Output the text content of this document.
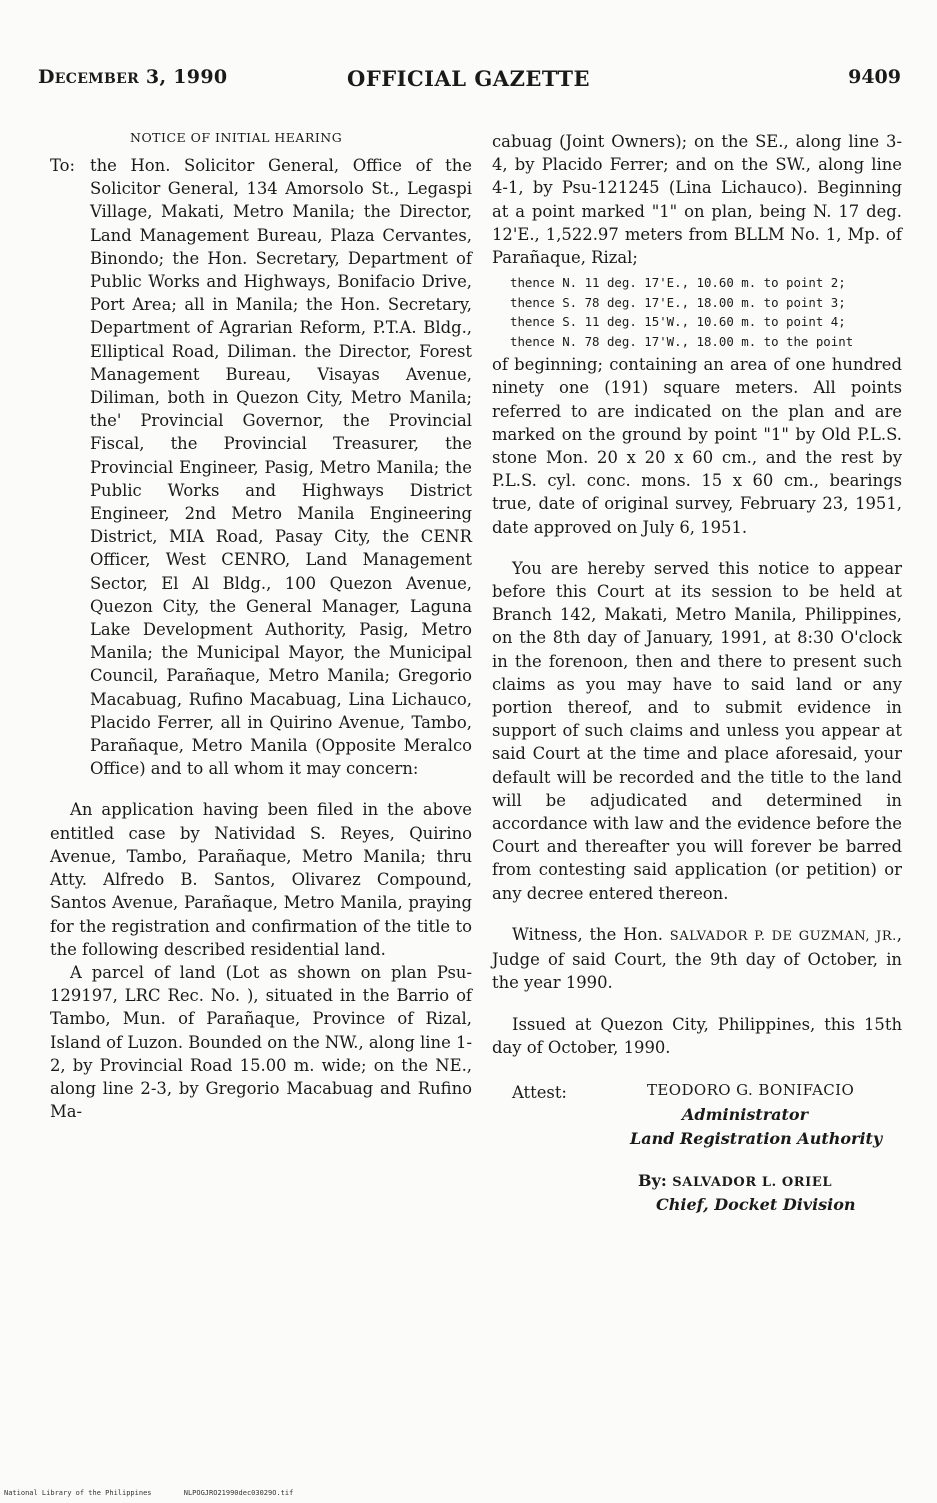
DECEMBER 3, 1990	OFFICIAL GAZETTE	9409
NOTICE OF INITIAL HEARING

To: the Hon. Solicitor General, Office of the Solicitor General, 134 Amorsolo St., Legaspi Village, Makati, Metro Manila; the Director, Land Management Bureau, Plaza Cervantes, Binondo; the Hon. Secretary, Department of Public Works and Highways, Bonifacio Drive, Port Area; all in Manila; the Hon. Secretary, Department of Agrarian Reform, P.T.A. Bldg., Elliptical Road, Diliman. the Director, Forest Management Bureau, Visayas Avenue, Diliman, both in Quezon City, Metro Manila; the' Provincial Governor, the Provincial Fiscal, the Provincial Treasurer, the Provincial Engineer, Pasig, Metro Manila; the Public Works and Highways District Engineer, 2nd Metro Manila Engineering District, MIA Road, Pasay City, the CENR Officer, West CENRO, Land Management Sector, El Al Bldg., 100 Quezon Avenue, Quezon City, the General Manager, Laguna Lake Development Authority, Pasig, Metro Manila; the Municipal Mayor, the Municipal Council, Parañaque, Metro Manila; Gregorio Macabuag, Rufino Macabuag, Lina Lichauco, Placido Ferrer, all in Quirino Avenue, Tambo, Parañaque, Metro Manila (Opposite Meralco Office) and to all whom it may concern:

An application having been filed in the above entitled case by Natividad S. Reyes, Quirino Avenue, Tambo, Parañaque, Metro Manila; thru Atty. Alfredo B. Santos, Olivarez Compound, Santos Avenue, Parañaque, Metro Manila, praying for the registration and confirmation of the title to the following described residential land.

A parcel of land (Lot as shown on plan Psu-129197, LRC Rec. No. ), situated in the Barrio of Tambo, Mun. of Parañaque, Province of Rizal, Island of Luzon. Bounded on the NW., along line 1-2, by Provincial Road 15.00 m. wide; on the NE., along line 2-3, by Gregorio Macabuag and Rufino Ma-

cabuag (Joint Owners); on the SE., along line 3-4, by Placido Ferrer; and on the SW., along line 4-1, by Psu-121245 (Lina Lichauco). Beginning at a point marked "1" on plan, being N. 17 deg. 12'E., 1,522.97 meters from BLLM No. 1, Mp. of Parañaque, Rizal;

thence N. 11 deg. 17'E., 10.60 m. to point 2;
thence S. 78 deg. 17'E., 18.00 m. to point 3;
thence S. 11 deg. 15'W., 10.60 m. to point 4;
thence N. 78 deg. 17'W., 18.00 m. to the point

of beginning; containing an area of one hundred ninety one (191) square meters. All points referred to are indicated on the plan and are marked on the ground by point "1" by Old P.L.S. stone Mon. 20 x 20 x 60 cm., and the rest by P.L.S. cyl. conc. mons. 15 x 60 cm., bearings true, date of original survey, February 23, 1951, date approved on July 6, 1951.

You are hereby served this notice to appear before this Court at its session to be held at Branch 142, Makati, Metro Manila, Philippines, on the 8th day of January, 1991, at 8:30 O'clock in the forenoon, then and there to present such claims as you may have to said land or any portion thereof, and to submit evidence in support of such claims and unless you appear at said Court at the time and place aforesaid, your default will be recorded and the title to the land will be adjudicated and determined in accordance with law and the evidence before the Court and thereafter you will forever be barred from contesting said application (or petition) or any decree entered thereon.

Witness, the Hon. SALVADOR P. DE GUZMAN, JR., Judge of said Court, the 9th day of October, in the year 1990.

Issued at Quezon City, Philippines, this 15th day of October, 1990.

Attest:	TEODORO G. BONIFACIO
Administrator
Land Registration Authority
By: SALVADOR L. ORIEL
Chief, Docket Division
National Library of the Philippines	NLPOGJRO21990dec03029O.tif
